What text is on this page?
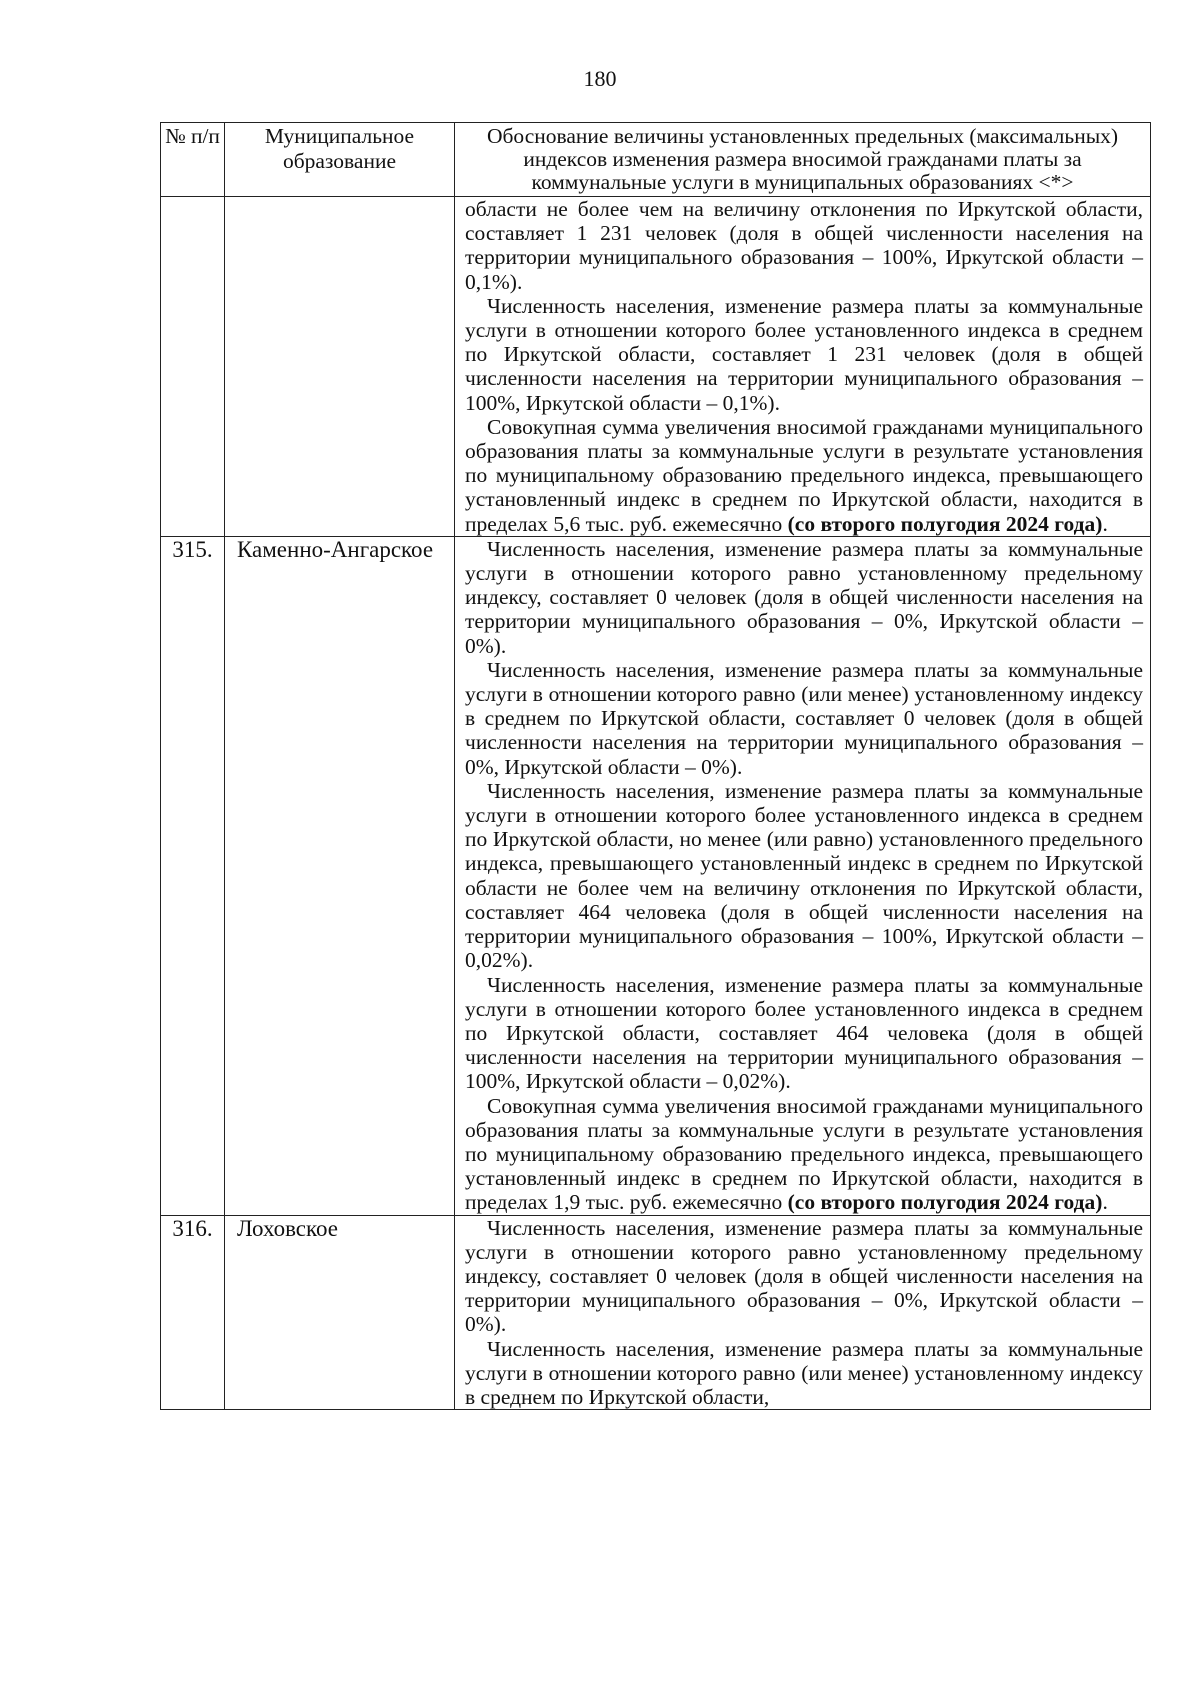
180
№ п/п	Муниципальное образование	Обоснование величины установленных предельных (максимальных) индексов изменения размера вносимой гражданами платы за коммунальные услуги в муниципальных образованиях <*>

		области не более чем на величину отклонения по Иркутской области, составляет 1 231 человек (доля в общей численности населения на территории муниципального образования – 100%, Иркутской области – 0,1%).

Численность населения, изменение размера платы за коммунальные услуги в отношении которого более установленного индекса в среднем по Иркутской области, составляет 1 231 человек (доля в общей численности населения на территории муниципального образования – 100%, Иркутской области – 0,1%).

Совокупная сумма увеличения вносимой гражданами муниципального образования платы за коммунальные услуги в результате установления по муниципальному образованию предельного индекса, превышающего установленный индекс в среднем по Иркутской области, находится в пределах 5,6 тыс. руб. ежемесячно (со второго полугодия 2024 года).

315.	Каменно-Ангарское	Численность населения, изменение размера платы за коммунальные услуги в отношении которого равно установленному предельному индексу, составляет 0 человек (доля в общей численности населения на территории муниципального образования – 0%, Иркутской области – 0%).

Численность населения, изменение размера платы за коммунальные услуги в отношении которого равно (или менее) установленному индексу в среднем по Иркутской области, составляет 0 человек (доля в общей численности населения на территории муниципального образования – 0%, Иркутской области – 0%).

Численность населения, изменение размера платы за коммунальные услуги в отношении которого более установленного индекса в среднем по Иркутской области, но менее (или равно) установленного предельного индекса, превышающего установленный индекс в среднем по Иркутской области не более чем на величину отклонения по Иркутской области, составляет 464 человека (доля в общей численности населения на территории муниципального образования – 100%, Иркутской области – 0,02%).

Численность населения, изменение размера платы за коммунальные услуги в отношении которого более установленного индекса в среднем по Иркутской области, составляет 464 человека (доля в общей численности населения на территории муниципального образования – 100%, Иркутской области – 0,02%).

Совокупная сумма увеличения вносимой гражданами муниципального образования платы за коммунальные услуги в результате установления по муниципальному образованию предельного индекса, превышающего установленный индекс в среднем по Иркутской области, находится в пределах 1,9 тыс. руб. ежемесячно (со второго полугодия 2024 года).

316.	Лоховское	Численность населения, изменение размера платы за коммунальные услуги в отношении которого равно установленному предельному индексу, составляет 0 человек (доля в общей численности населения на территории муниципального образования – 0%, Иркутской области – 0%).

Численность населения, изменение размера платы за коммунальные услуги в отношении которого равно (или менее) установленному индексу в среднем по Иркутской области,
